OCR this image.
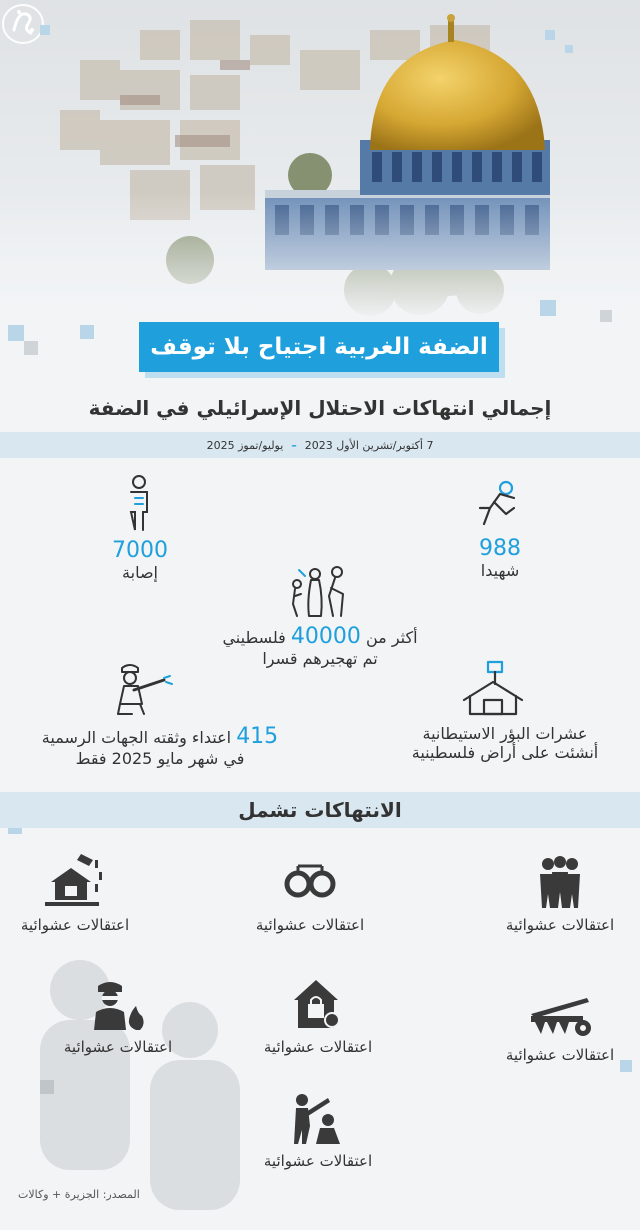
الضفة الغربية اجتياح بلا توقف
إجمالي انتهاكات الاحتلال الإسرائيلي في الضفة
7 أكتوبر/تشرين الأول 2023
–
يوليو/تموز 2025
988
شهيدا
7000
إصابة
أكثر من 40000 فلسطيني
تم تهجيرهم قسرا
415 اعتداء وثقته الجهات الرسمية
في شهر مايو 2025 فقط
عشرات البؤر الاستيطانية
أنشئت على أراض فلسطينية
الانتهاكات تشمل
اعتقالات عشوائية
اعتقالات عشوائية
اعتقالات عشوائية
اعتقالات عشوائية
اعتقالات عشوائية
اعتقالات عشوائية
اعتقالات عشوائية
المصدر: الجزيرة + وكالات
